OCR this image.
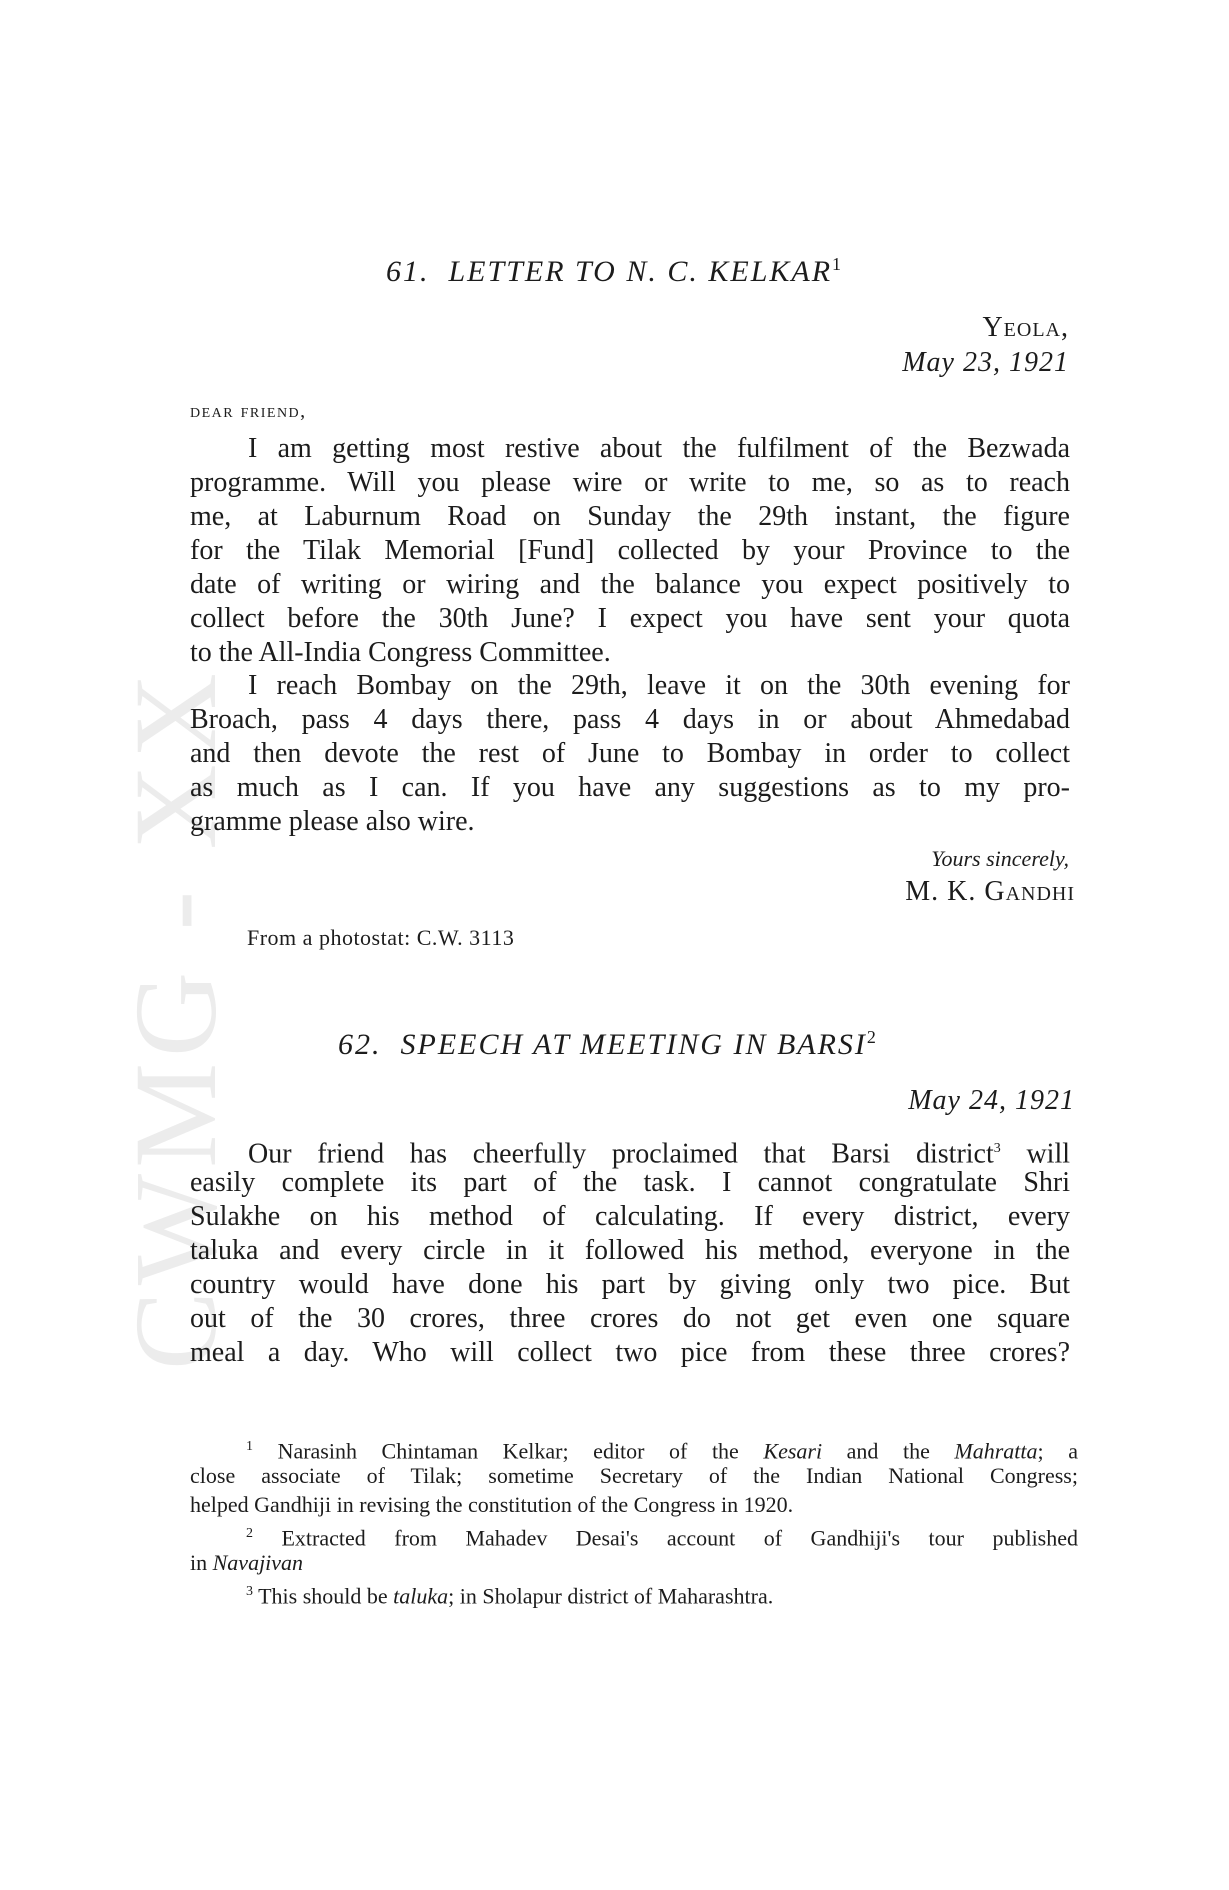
CWMG - XX
61. LETTER TO N. C. KELKAR$^1$
Yeola,
May 23, 1921
dear friend,
I am getting most restive about the fulfilment of the Bezwada
programme. Will you please wire or write to me, so as to reach
me, at Laburnum Road on Sunday the 29th instant, the figure
for the Tilak Memorial [Fund] collected by your Province to the
date of writing or wiring and the balance you expect positively to
collect before the 30th June? I expect you have sent your quota
to the All-India Congress Committee.
I reach Bombay on the 29th, leave it on the 30th evening for
Broach, pass 4 days there, pass 4 days in or about Ahmedabad
and then devote the rest of June to Bombay in order to collect
as much as I can. If you have any suggestions as to my pro-
gramme please also wire.
Yours sincerely,
M. K. Gandhi
From a photostat: C.W. 3113
62. SPEECH AT MEETING IN BARSI$^2$
May 24, 1921
Our friend has cheerfully proclaimed that Barsi district$^3$ will
easily complete its part of the task. I cannot congratulate Shri
Sulakhe on his method of calculating. If every district, every
taluka and every circle in it followed his method, everyone in the
country would have done his part by giving only two pice. But
out of the 30 crores, three crores do not get even one square
meal a day. Who will collect two pice from these three crores?
$^1$ Narasinh Chintaman Kelkar; editor of the Kesari and the Mahratta; a
close associate of Tilak; sometime Secretary of the Indian National Congress;
helped Gandhiji in revising the constitution of the Congress in 1920.
$^2$ Extracted from Mahadev Desai's account of Gandhiji's tour published
in Navajivan
$^3$ This should be taluka; in Sholapur district of Maharashtra.
